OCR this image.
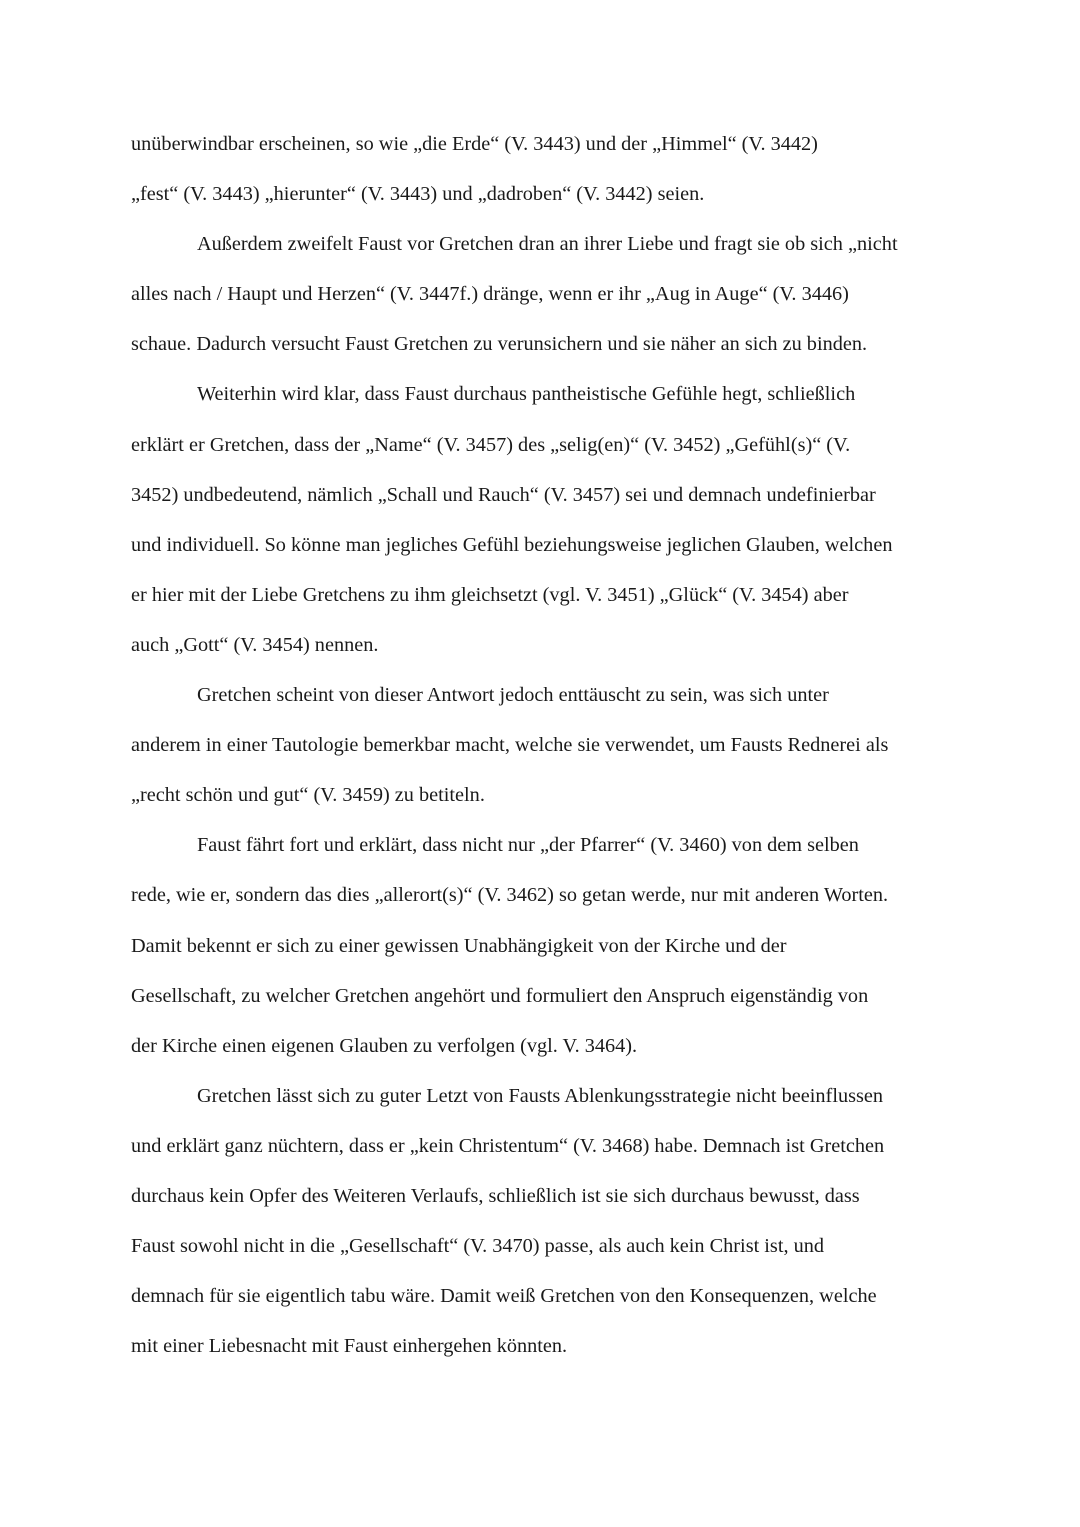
unüberwindbar erscheinen, so wie „die Erde“ (V. 3443) und der „Himmel“ (V. 3442)
„fest“ (V. 3443) „hierunter“ (V. 3443) und „dadroben“ (V. 3442) seien.
Außerdem zweifelt Faust vor Gretchen dran an ihrer Liebe und fragt sie ob sich „nicht
alles nach / Haupt und Herzen“ (V. 3447f.) dränge, wenn er ihr „Aug in Auge“ (V. 3446)
schaue. Dadurch versucht Faust Gretchen zu verunsichern und sie näher an sich zu binden.
Weiterhin wird klar, dass Faust durchaus pantheistische Gefühle hegt, schließlich
erklärt er Gretchen, dass der „Name“ (V. 3457) des „selig(en)“ (V. 3452) „Gefühl(s)“ (V.
3452) undbedeutend, nämlich „Schall und Rauch“ (V. 3457) sei und demnach undefinierbar
und individuell. So könne man jegliches Gefühl beziehungsweise jeglichen Glauben, welchen
er hier mit der Liebe Gretchens zu ihm gleichsetzt (vgl. V. 3451) „Glück“ (V. 3454) aber
auch „Gott“ (V. 3454) nennen.
Gretchen scheint von dieser Antwort jedoch enttäuscht zu sein, was sich unter
anderem in einer Tautologie bemerkbar macht, welche sie verwendet, um Fausts Rednerei als
„recht schön und gut“ (V. 3459) zu betiteln.
Faust fährt fort und erklärt, dass nicht nur „der Pfarrer“ (V. 3460) von dem selben
rede, wie er, sondern das dies „allerort(s)“ (V. 3462) so getan werde, nur mit anderen Worten.
Damit bekennt er sich zu einer gewissen Unabhängigkeit von der Kirche und der
Gesellschaft, zu welcher Gretchen angehört und formuliert den Anspruch eigenständig von
der Kirche einen eigenen Glauben zu verfolgen (vgl. V. 3464).
Gretchen lässt sich zu guter Letzt von Fausts Ablenkungsstrategie nicht beeinflussen
und erklärt ganz nüchtern, dass er „kein Christentum“ (V. 3468) habe. Demnach ist Gretchen
durchaus kein Opfer des Weiteren Verlaufs, schließlich ist sie sich durchaus bewusst, dass
Faust sowohl nicht in die „Gesellschaft“ (V. 3470) passe, als auch kein Christ ist, und
demnach für sie eigentlich tabu wäre. Damit weiß Gretchen von den Konsequenzen, welche
mit einer Liebesnacht mit Faust einhergehen könnten.
